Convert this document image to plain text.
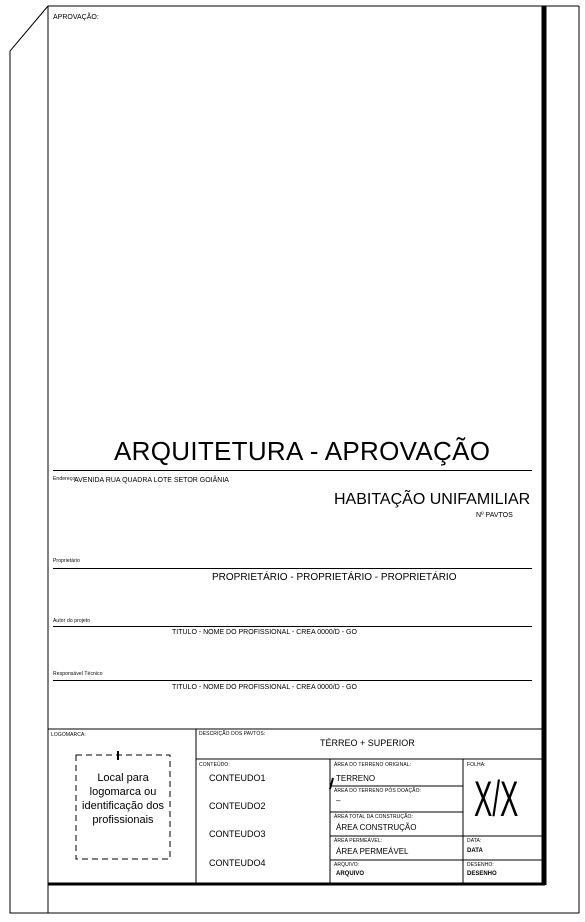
APROVAÇÃO:
ARQUITETURA - APROVAÇÃO
Endereço:
AVENIDA RUA QUADRA LOTE SETOR GOIÂNIA
HABITAÇÃO UNIFAMILIAR
Nº PAVTOS
Proprietário
PROPRIETÁRIO - PROPRIETÁRIO - PROPRIETÁRIO
Autor do projeto
TITULO - NOME DO PROFISSIONAL - CREA 0000/D - GO
Responsável Técnico
TITULO - NOME DO PROFISSIONAL - CREA 0000/D - GO
LOGOMARCA:
Local para logomarca ou identificação dos profissionais
DESCRIÇÃO DOS PAVTOS:
TÉRREO + SUPERIOR
CONTEÚDO:
CONTEUDO1
CONTEUDO2
CONTEUDO3
CONTEUDO4
ÁREA DO TERRENO ORIGINAL:
TERRENO
ÁREA DO TERRENO PÓS DOAÇÃO:
–
ÁREA TOTAL DA CONSTRUÇÃO:
ÁREA CONSTRUÇÃO
ÁREA PERMEÁVEL:
ÁREA PERMEÁVEL
ARQUIVO:
ARQUIVO
FOLHA:
X/X
DATA:
DATA
DESENHO:
DESENHO
